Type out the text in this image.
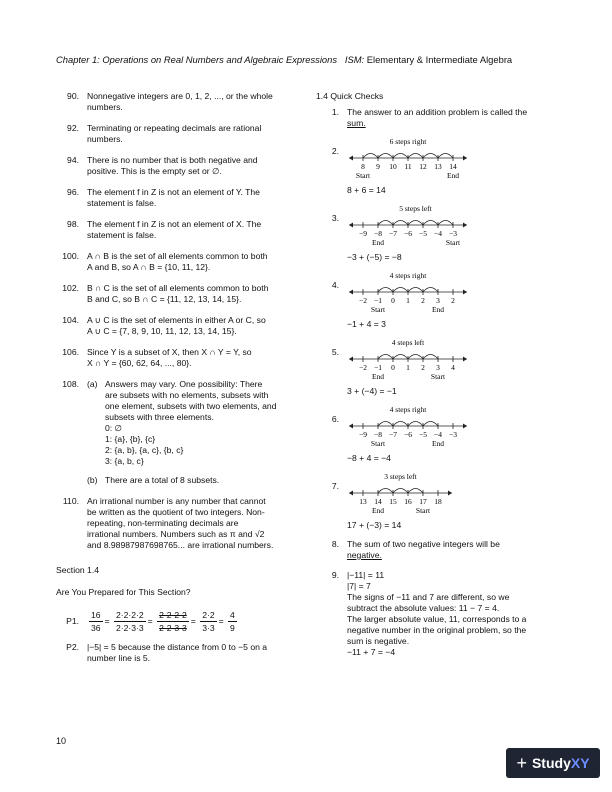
Chapter 1: Operations on Real Numbers and Algebraic Expressions   ISM: Elementary & Intermediate Algebra
90. Nonnegative integers are 0, 1, 2, ..., or the whole
numbers.
92. Terminating or repeating decimals are rational
numbers.
94. There is no number that is both negative and
positive. This is the empty set or ∅.
96. The element f in Z is not an element of Y. The
statement is false.
98. The element f in Z is not an element of X. The
statement is false.
100. A ∩ B is the set of all elements common to both
A and B, so A ∩ B = {10, 11, 12}.
102. B ∩ C is the set of all elements common to both
B and C, so B ∩ C = {11, 12, 13, 14, 15}.
104. A ∪ C is the set of elements in either A or C, so
A ∪ C = {7, 8, 9, 10, 11, 12, 13, 14, 15}.
106. Since Y is a subset of X, then X ∩ Y = Y, so
X ∩ Y = {60, 62, 64, ..., 80}.
108. (a) Answers may vary. One possibility: There
are subsets with no elements, subsets with
one element, subsets with two elements, and
subsets with three elements.
0: ∅
1: {a}, {b}, {c}
2: {a, b}, {a, c}, {b, c}
3: {a, b, c}
(b) There are a total of 8 subsets.
110. An irrational number is any number that cannot
be written as the quotient of two integers. Non-
repeating, non-terminating decimals are
irrational numbers. Numbers such as π and √2
and 8.98987987698765... are irrational numbers.
Section 1.4
Are You Prepared for This Section?
P1.	$\frac{16}{36} = \frac{2\cdot 2\cdot 2\cdot 2}{2\cdot 2\cdot 3\cdot 3} = \frac{2\cdot 2\cdot 2\cdot 2}{2\cdot 2\cdot 3\cdot 3} = \frac{2\cdot 2}{3\cdot 3} = \frac{4}{9}$
P2. |−5| = 5 because the distance from 0 to −5 on a
number line is 5.
1.4 Quick Checks
1. The answer to an addition problem is called the
sum.
2.
8 9 10 11 12 13 14
6 steps right
Start	End
8 + 6 = 14
3.
−9 −8 −7 −6 −5 −4 −3
5 steps left
Start
End
−3 + (−5) = −8
4.
−2 −1 0 1 2 3 2
4 steps right
Start	End
−1 + 4 = 3
5.
−2 −1 0 1 2 3 4
4 steps left
Start
End
3 + (−4) = −1
6.
−9 −8 −7 −6 −5 −4 −3
4 steps right
Start	End
−8 + 4 = −4
7.
13 14 15 16 17 18
3 steps left
Start
End
17 + (−3) = 14
8. The sum of two negative integers will be
negative.
9. |−11| = 11
|7| = 7
The signs of −11 and 7 are different, so we
subtract the absolute values: 11 − 7 = 4.
The larger absolute value, 11, corresponds to a
negative number in the original problem, so the
sum is negative.
−11 + 7 = −4
10
+ Study XY
